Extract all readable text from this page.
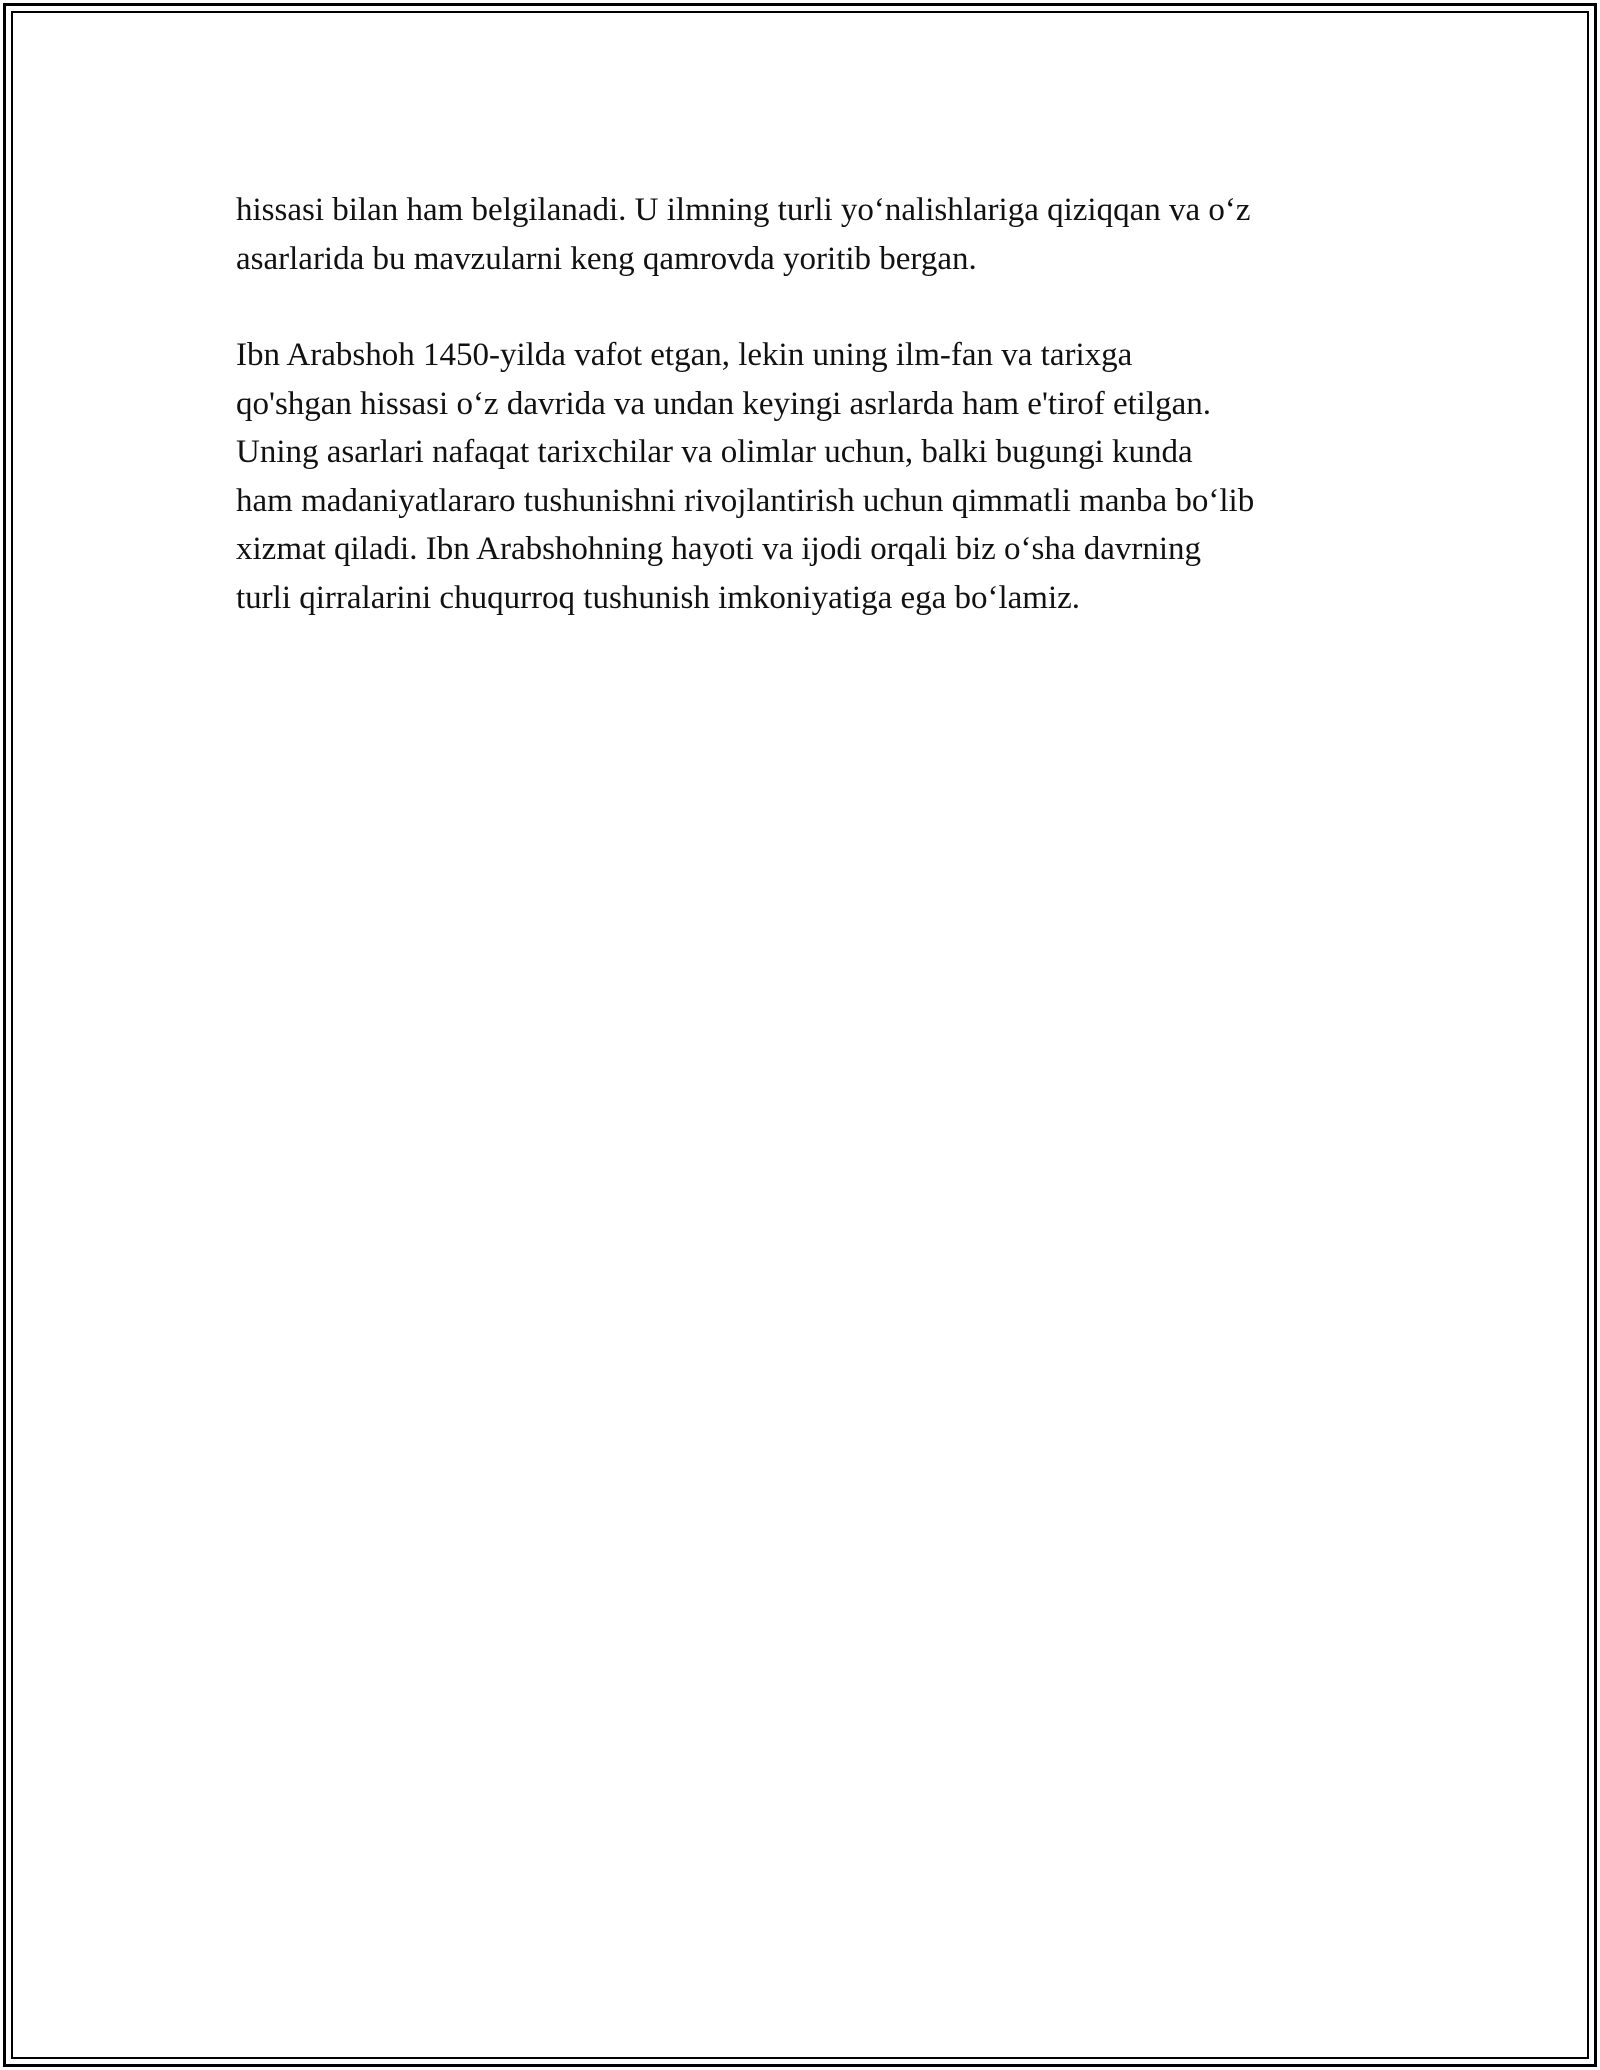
hissasi bilan ham belgilanadi. U ilmning turli yo‘nalishlariga qiziqqan va o‘z
asarlarida bu mavzularni keng qamrovda yoritib bergan.

Ibn Arabshoh 1450-yilda vafot etgan, lekin uning ilm-fan va tarixga
qo'shgan hissasi o‘z davrida va undan keyingi asrlarda ham e'tirof etilgan.
Uning asarlari nafaqat tarixchilar va olimlar uchun, balki bugungi kunda
ham madaniyatlararo tushunishni rivojlantirish uchun qimmatli manba bo‘lib
xizmat qiladi. Ibn Arabshohning hayoti va ijodi orqali biz o‘sha davrning
turli qirralarini chuqurroq tushunish imkoniyatiga ega bo‘lamiz.
